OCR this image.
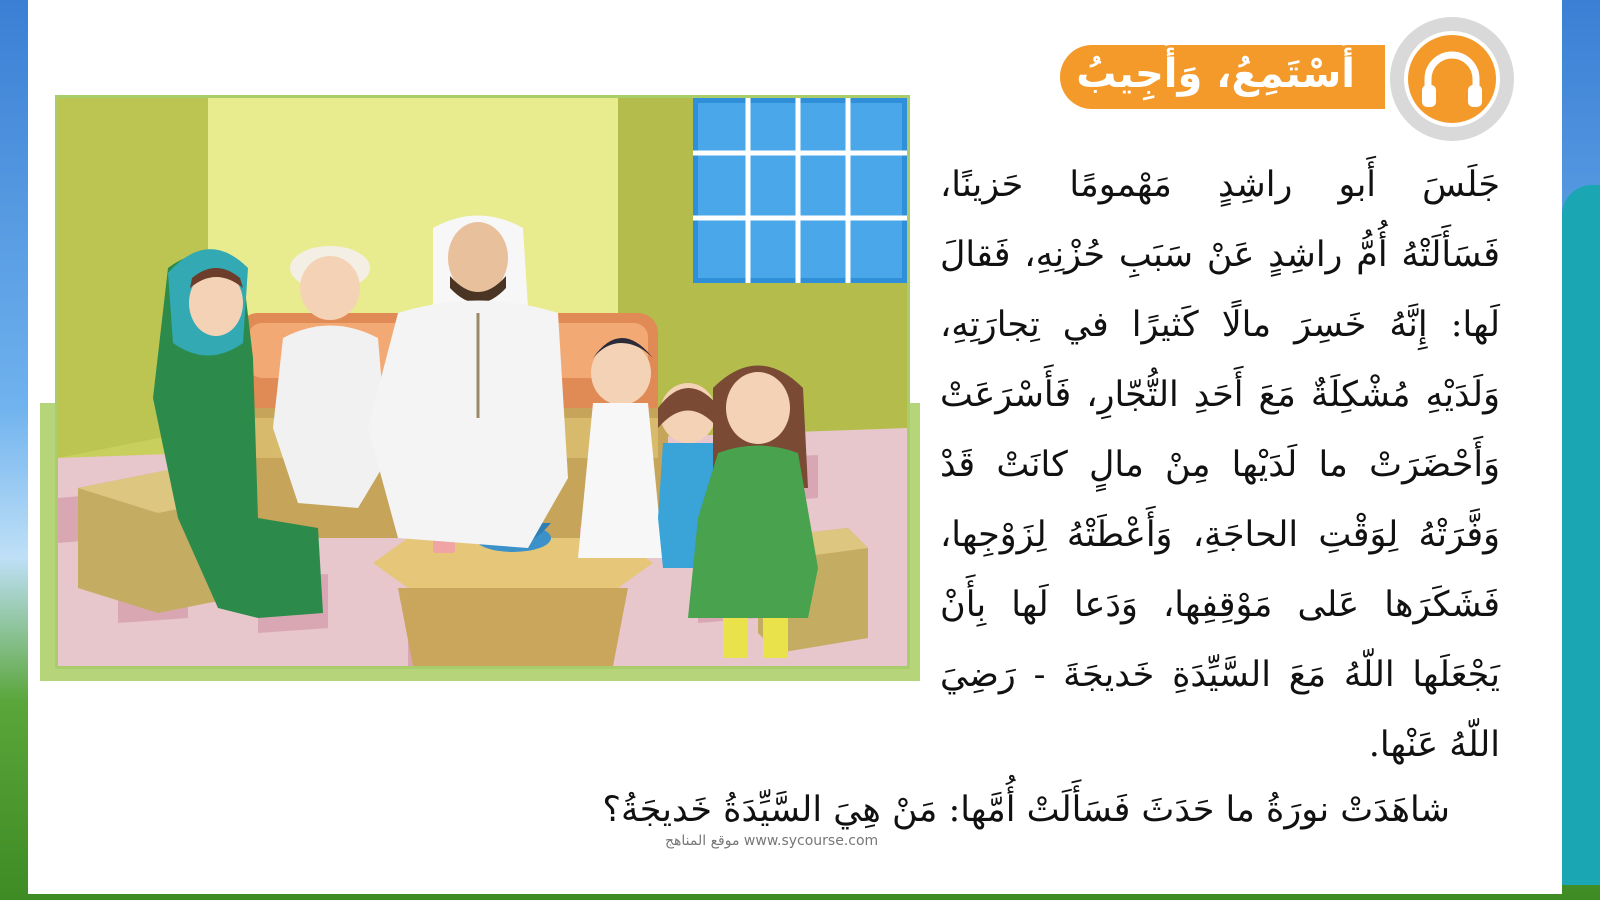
أَسْتَمِعُ، وَأُجِيبُ
جَلَسَ أَبو راشِدٍ مَهْمومًا حَزينًا،
فَسَأَلَتْهُ أُمُّ راشِدٍ عَنْ سَبَبِ حُزْنِهِ، فَقالَ
لَها: إِنَّهُ خَسِرَ مالًا كَثيرًا في تِجارَتِهِ،
وَلَدَيْهِ مُشْكِلَةٌ مَعَ أَحَدِ التُّجّارِ، فَأَسْرَعَتْ
وَأَحْضَرَتْ ما لَدَيْها مِنْ مالٍ كانَتْ قَدْ
وَفَّرَتْهُ لِوَقْتِ الحاجَةِ، وَأَعْطَتْهُ لِزَوْجِها،
فَشَكَرَها عَلى مَوْقِفِها، وَدَعا لَها بِأَنْ
يَجْعَلَها اللّهُ مَعَ السَّيِّدَةِ خَديجَةَ - رَضِيَ
اللّهُ عَنْها.
شاهَدَتْ نورَةُ ما حَدَثَ فَسَأَلَتْ أُمَّها: مَنْ هِيَ السَّيِّدَةُ خَديجَةُ؟
موقع المناهج www.sycourse.com
